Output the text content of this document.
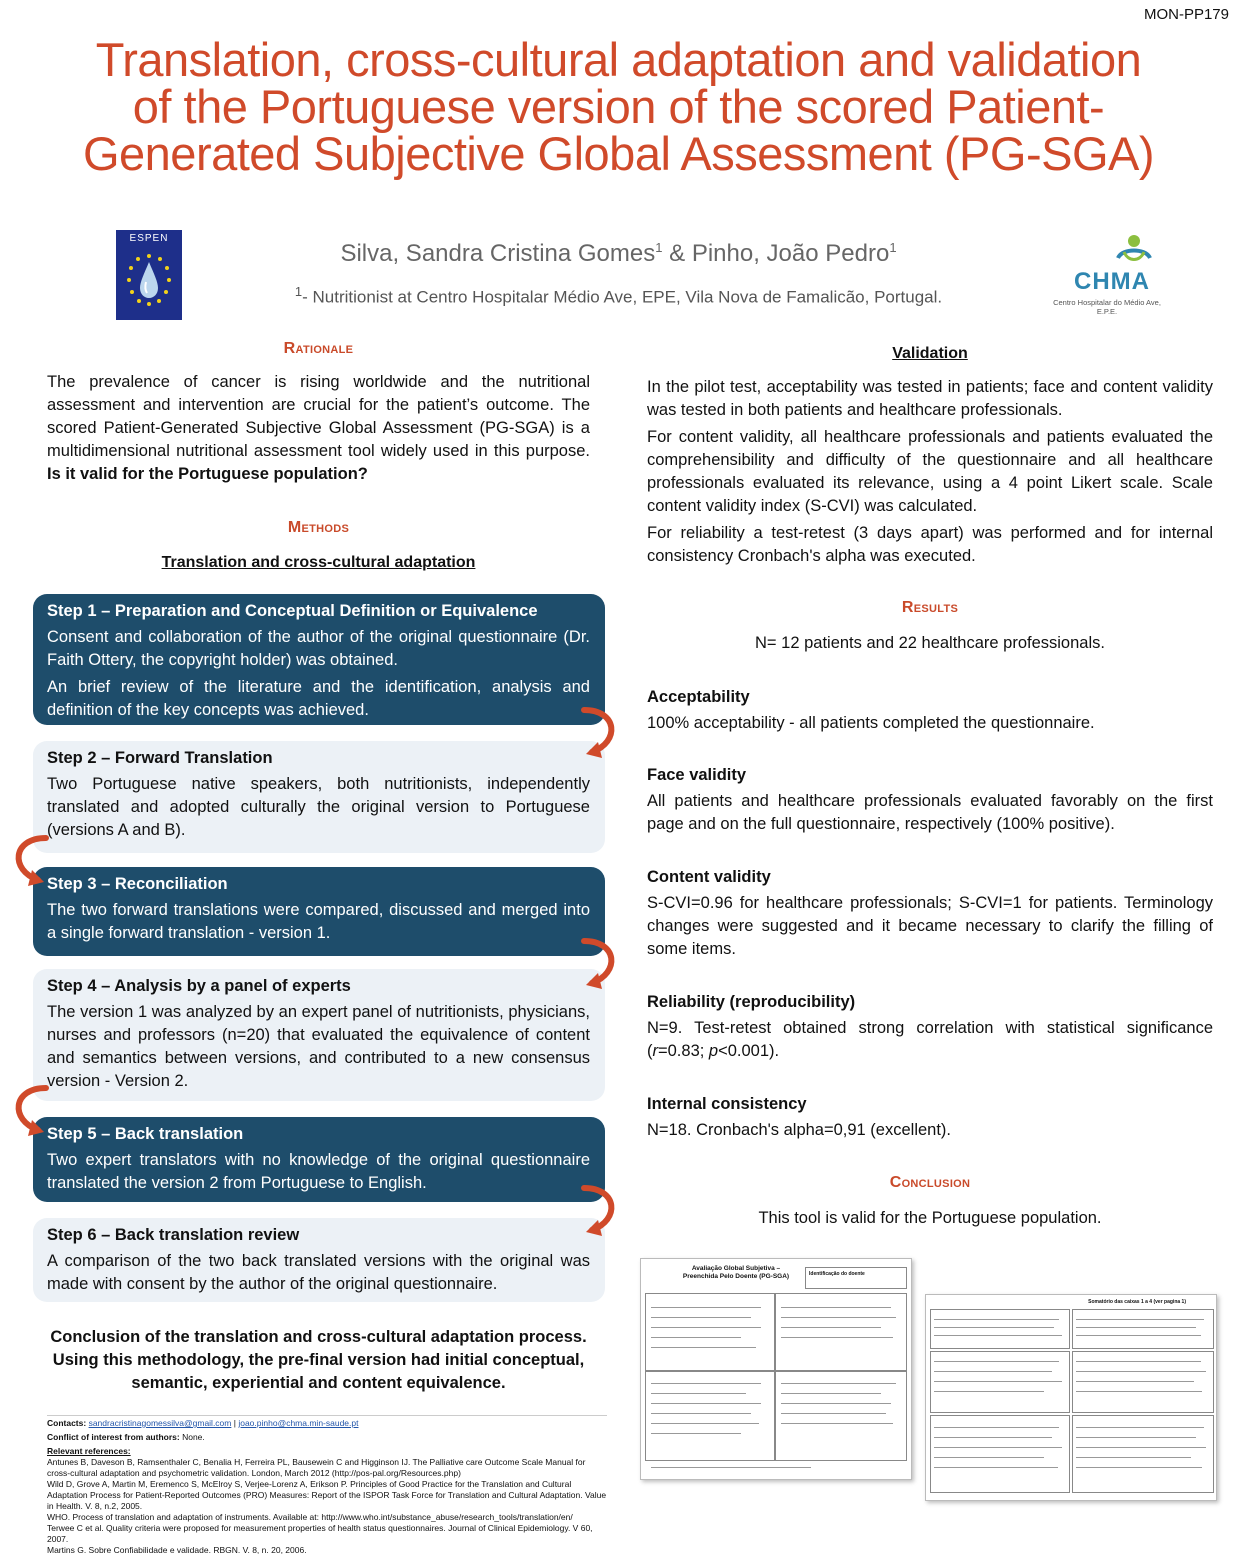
MON-PP179
Translation, cross-cultural adaptation and validation
of the Portuguese version of the scored Patient-
Generated Subjective Global Assessment (PG-SGA)
ESPEN
Silva, Sandra Cristina Gomes$^1$ & Pinho, João Pedro$^1$
$^1$- Nutritionist at Centro Hospitalar Médio Ave, EPE, Vila Nova de Famalicão, Portugal.
CHMA
Centro Hospitalar do Médio Ave, E.P.E.
Rationale
The prevalence of cancer is rising worldwide and the nutritional assessment and intervention are crucial for the patient’s outcome. The scored Patient-Generated Subjective Global Assessment (PG-SGA) is a multidimensional nutritional assessment tool widely used in this purpose. Is it valid for the Portuguese population?
Methods
Translation and cross-cultural adaptation
Step 1 – Preparation and Conceptual Definition or Equivalence

Consent and collaboration of the author of the original questionnaire (Dr. Faith Ottery, the copyright holder) was obtained.

An brief review of the literature and the identification, analysis and definition of the key concepts was achieved.

Step 2 – Forward Translation

Two Portuguese native speakers, both nutritionists, independently translated and adopted culturally the original version to Portuguese (versions A and B).

Step 3 – Reconciliation

The two forward translations were compared, discussed and merged into a single forward translation - version 1.

Step 4 – Analysis by a panel of experts

The version 1 was analyzed by an expert panel of nutritionists, physicians, nurses and professors (n=20) that evaluated the equivalence of content and semantics between versions, and contributed to a new consensus version - Version 2.

Step 5 – Back translation

Two expert translators with no knowledge of the original questionnaire translated the version 2 from Portuguese to English.

Step 6 – Back translation review

A comparison of the two back translated versions with the original was made with consent by the author of the original questionnaire.

Conclusion of the translation and cross-cultural adaptation process. Using this methodology, the pre-final version had initial conceptual, semantic, experiential and content equivalence.
Contacts: sandracristinagomessilva@gmail.com | joao.pinho@chma.min-saude.pt
Conflict of interest from authors: None.
Relevant references:
Antunes B, Daveson B, Ramsenthaler C, Benalia H, Ferreira PL, Bausewein C and Higginson IJ. The Palliative care Outcome Scale Manual for cross-cultural adaptation and psychometric validation. London, March 2012 (http://pos-pal.org/Resources.php)
Wild D, Grove A, Martin M, Eremenco S, McElroy S, Verjee-Lorenz A, Erikson P. Principles of Good Practice for the Translation and Cultural Adaptation Process for Patient-Reported Outcomes (PRO) Measures: Report of the ISPOR Task Force for Translation and Cultural Adaptation. Value in Health. V. 8, n.2, 2005.
WHO. Process of translation and adaptation of instruments. Available at: http://www.who.int/substance_abuse/research_tools/translation/en/
Terwee C et al. Quality criteria were proposed for measurement properties of health status questionnaires. Journal of Clinical Epidemiology. V 60, 2007.
Martins G. Sobre Confiabilidade e validade. RBGN. V. 8, n. 20, 2006.
Validation

In the pilot test, acceptability was tested in patients; face and content validity was tested in both patients and healthcare professionals.

For content validity, all healthcare professionals and patients evaluated the comprehensibility and difficulty of the questionnaire and all healthcare professionals evaluated its relevance, using a 4 point Likert scale. Scale content validity index (S-CVI) was calculated.

For reliability a test-retest (3 days apart) was performed and for internal consistency Cronbach's alpha was executed.

Results
N= 12 patients and 22 healthcare professionals.
Acceptability
100% acceptability - all patients completed the questionnaire.
Face validity
All patients and healthcare professionals evaluated favorably on the first page and on the full questionnaire, respectively (100% positive).
Content validity
S-CVI=0.96 for healthcare professionals; S-CVI=1 for patients. Terminology changes were suggested and it became necessary to clarify the filling of some items.
Reliability (reproducibility)
N=9. Test-retest obtained strong correlation with statistical significance (r=0.83; p<0.001).
Internal consistency
N=18. Cronbach's alpha=0,91 (excellent).
Conclusion
This tool is valid for the Portuguese population.
Avaliação Global Subjetiva – Preenchida Pelo Doente (PG-SGA)	Identificação do doente
Somatório das caixas 1 a 4 (ver pagina 1)
